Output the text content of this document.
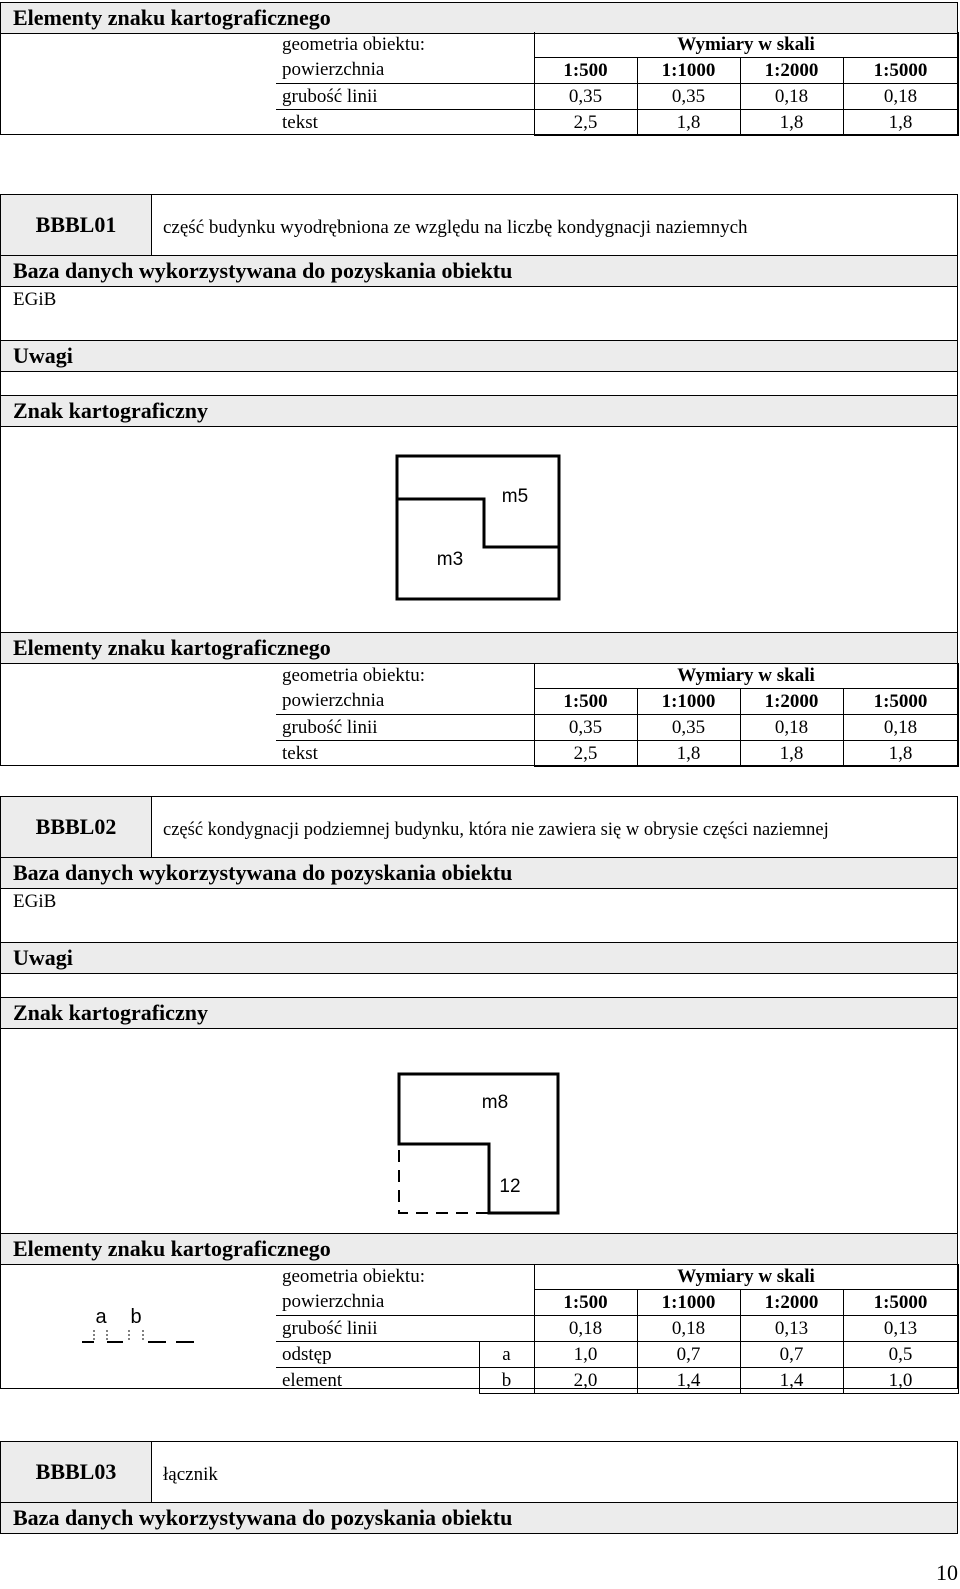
Elementy znaku kartograficznego
geometria obiektu:	Wymiary w skali			
powierzchnia	1:500	1:1000	1:2000	1:5000
grubość linii	0,35	0,35	0,18	0,18
tekst	2,5	1,8	1,8	1,8
BBBL01	część budynku wyodrębniona ze względu na liczbę kondygnacji naziemnych
Baza danych wykorzystywana do pozyskania obiektu
EGiB
Uwagi
Znak kartograficzny
m5
m3
Elementy znaku kartograficznego
geometria obiektu:	Wymiary w skali			
powierzchnia	1:500	1:1000	1:2000	1:5000
grubość linii	0,35	0,35	0,18	0,18
tekst	2,5	1,8	1,8	1,8
BBBL02	część kondygnacji podziemnej budynku, która nie zawiera się w obrysie części naziemnej
Baza danych wykorzystywana do pozyskania obiektu
EGiB
Uwagi
Znak kartograficzny
m8
12
Elementy znaku kartograficznego
a b
geometria obiektu:		Wymiary w skali			
powierzchnia		1:500	1:1000	1:2000	1:5000
grubość linii		0,18	0,18	0,13	0,13
odstęp	a	1,0	0,7	0,7	0,5
element	b	2,0	1,4	1,4	1,0
BBBL03	łącznik
Baza danych wykorzystywana do pozyskania obiektu
10
